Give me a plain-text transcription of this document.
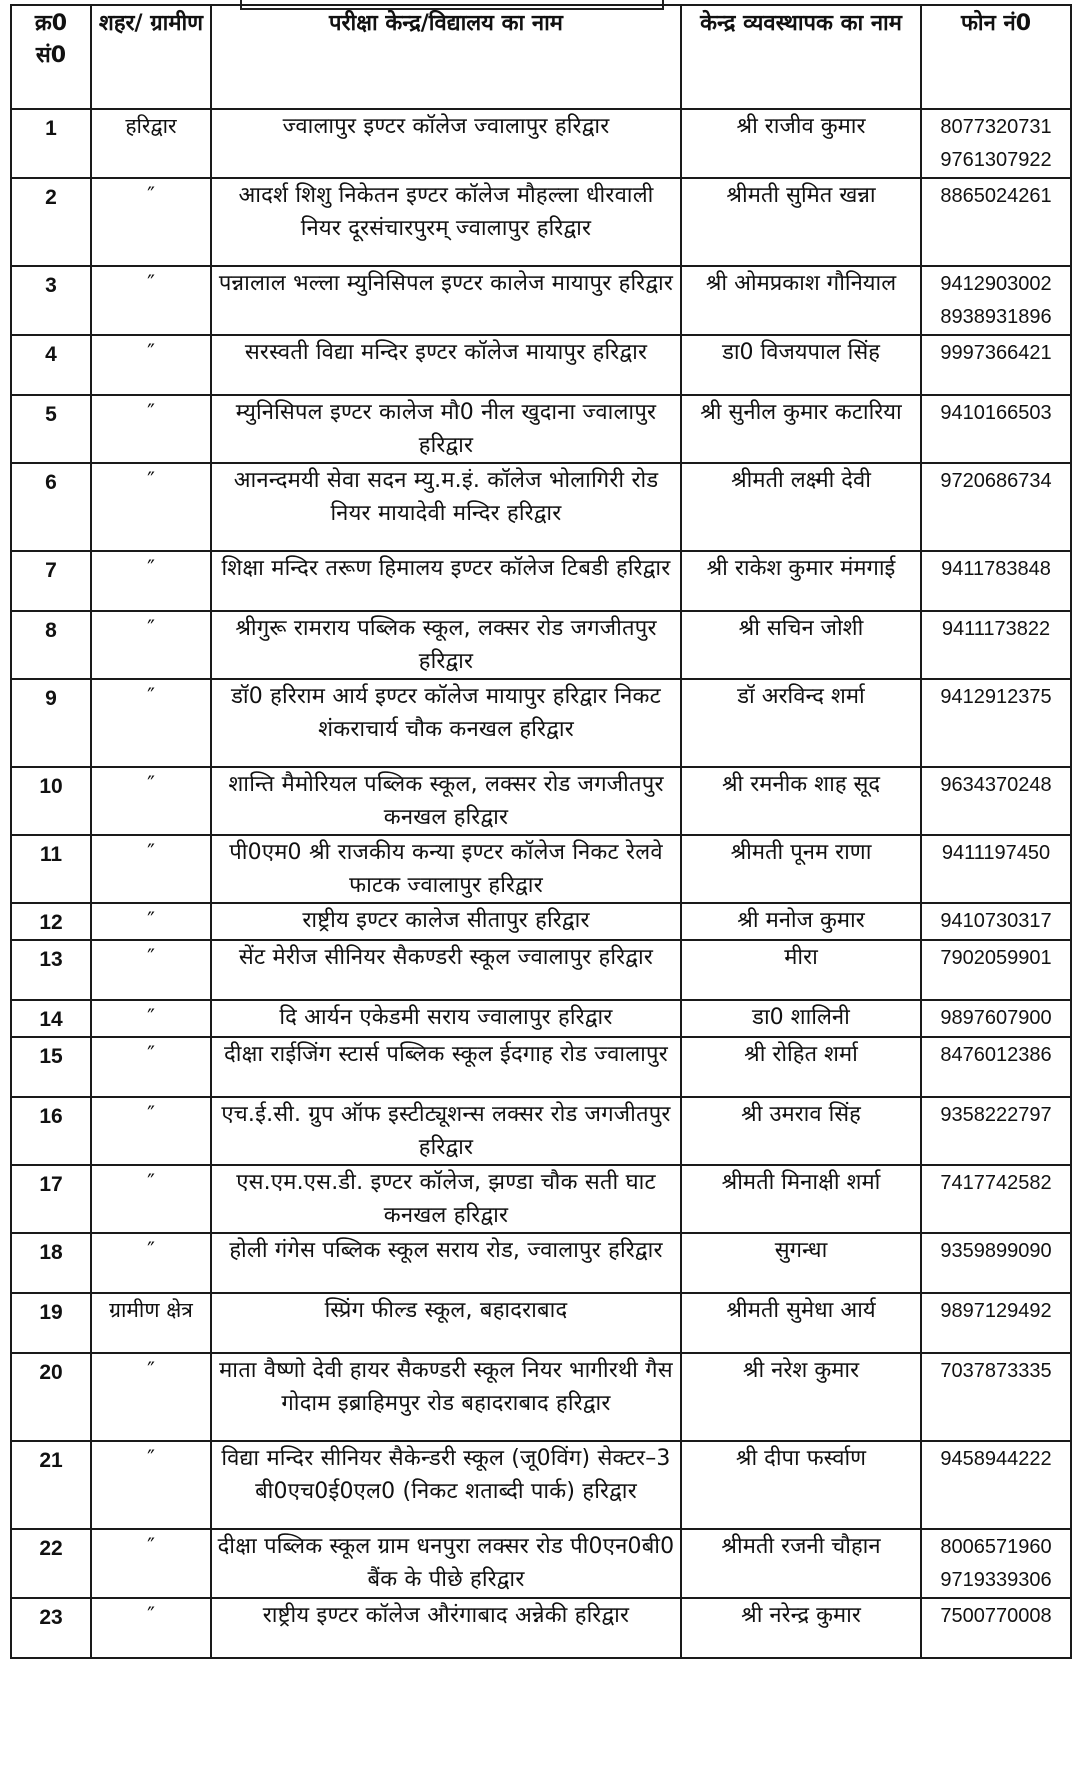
क्र0 सं0	शहर/ ग्रामीण	परीक्षा केन्द्र/विद्यालय का नाम	केन्द्र व्यवस्थापक का नाम	फोन नं0
1	हरिद्वार	ज्वालापुर इण्टर कॉलेज ज्वालापुर हरिद्वार	श्री राजीव कुमार	8077320731
9761307922

2	″	आदर्श शिशु निकेतन इण्टर कॉलेज मौहल्ला धीरवाली नियर दूरसंचारपुरम् ज्वालापुर हरिद्वार	श्रीमती सुमित खन्ना	8865024261

3	″	पन्नालाल भल्ला म्युनिसिपल इण्टर कालेज मायापुर हरिद्वार	श्री ओमप्रकाश गौनियाल	9412903002
8938931896

4	″	सरस्वती विद्या मन्दिर इण्टर कॉलेज मायापुर हरिद्वार	डा0 विजयपाल सिंह	9997366421

5	″	म्युनिसिपल इण्टर कालेज मौ0 नील खुदाना ज्वालापुर हरिद्वार	श्री सुनील कुमार कटारिया	9410166503

6	″	आनन्दमयी सेवा सदन म्यु.म.इं. कॉलेज भोलागिरी रोड नियर मायादेवी मन्दिर हरिद्वार	श्रीमती लक्ष्मी देवी	9720686734

7	″	शिक्षा मन्दिर तरूण हिमालय इण्टर कॉलेज टिबडी हरिद्वार	श्री राकेश कुमार मंमगाई	9411783848

8	″	श्रीगुरू रामराय पब्लिक स्कूल, लक्सर रोड जगजीतपुर हरिद्वार	श्री सचिन जोशी	9411173822

9	″	डॉ0 हरिराम आर्य इण्टर कॉलेज मायापुर हरिद्वार निकट शंकराचार्य चौक कनखल हरिद्वार	डॉ अरविन्द शर्मा	9412912375

10	″	शान्ति मैमोरियल पब्लिक स्कूल, लक्सर रोड जगजीतपुर कनखल हरिद्वार	श्री रमनीक शाह सूद	9634370248

11	″	पी0एम0 श्री राजकीय कन्या इण्टर कॉलेज निकट रेलवे फाटक ज्वालापुर हरिद्वार	श्रीमती पूनम राणा	9411197450

12	″	राष्ट्रीय इण्टर कालेज सीतापुर हरिद्वार	श्री मनोज कुमार	9410730317

13	″	सेंट मेरीज सीनियर सैकण्डरी स्कूल ज्वालापुर हरिद्वार	मीरा	7902059901

14	″	दि आर्यन एकेडमी सराय ज्वालापुर हरिद्वार	डा0 शालिनी	9897607900

15	″	दीक्षा राईजिंग स्टार्स पब्लिक स्कूल ईदगाह रोड ज्वालापुर	श्री रोहित शर्मा	8476012386

16	″	एच.ई.सी. ग्रुप ऑफ इस्टीट्यूशन्स लक्सर रोड जगजीतपुर हरिद्वार	श्री उमराव सिंह	9358222797

17	″	एस.एम.एस.डी. इण्टर कॉलेज, झण्डा चौक सती घाट कनखल हरिद्वार	श्रीमती मिनाक्षी शर्मा	7417742582

18	″	होली गंगेस पब्लिक स्कूल सराय रोड, ज्वालापुर हरिद्वार	सुगन्धा	9359899090

19	ग्रामीण क्षेत्र	स्प्रिंग फील्ड स्कूल, बहादराबाद	श्रीमती सुमेधा आर्य	9897129492

20	″	माता वैष्णो देवी हायर सैकण्डरी स्कूल नियर भागीरथी गैस गोदाम इब्राहिमपुर रोड बहादराबाद हरिद्वार	श्री नरेश कुमार	7037873335

21	″	विद्या मन्दिर सीनियर सैकेन्डरी स्कूल (जू0विंग) सेक्टर–3 बी0एच0ई0एल0 (निकट शताब्दी पार्क) हरिद्वार	श्री दीपा फर्स्वाण	9458944222

22	″	दीक्षा पब्लिक स्कूल ग्राम धनपुरा लक्सर रोड पी0एन0बी0 बैंक के पीछे हरिद्वार	श्रीमती रजनी चौहान	8006571960
9719339306

23	″	राष्ट्रीय इण्टर कॉलेज औरंगाबाद अन्नेकी हरिद्वार	श्री नरेन्द्र कुमार	7500770008
